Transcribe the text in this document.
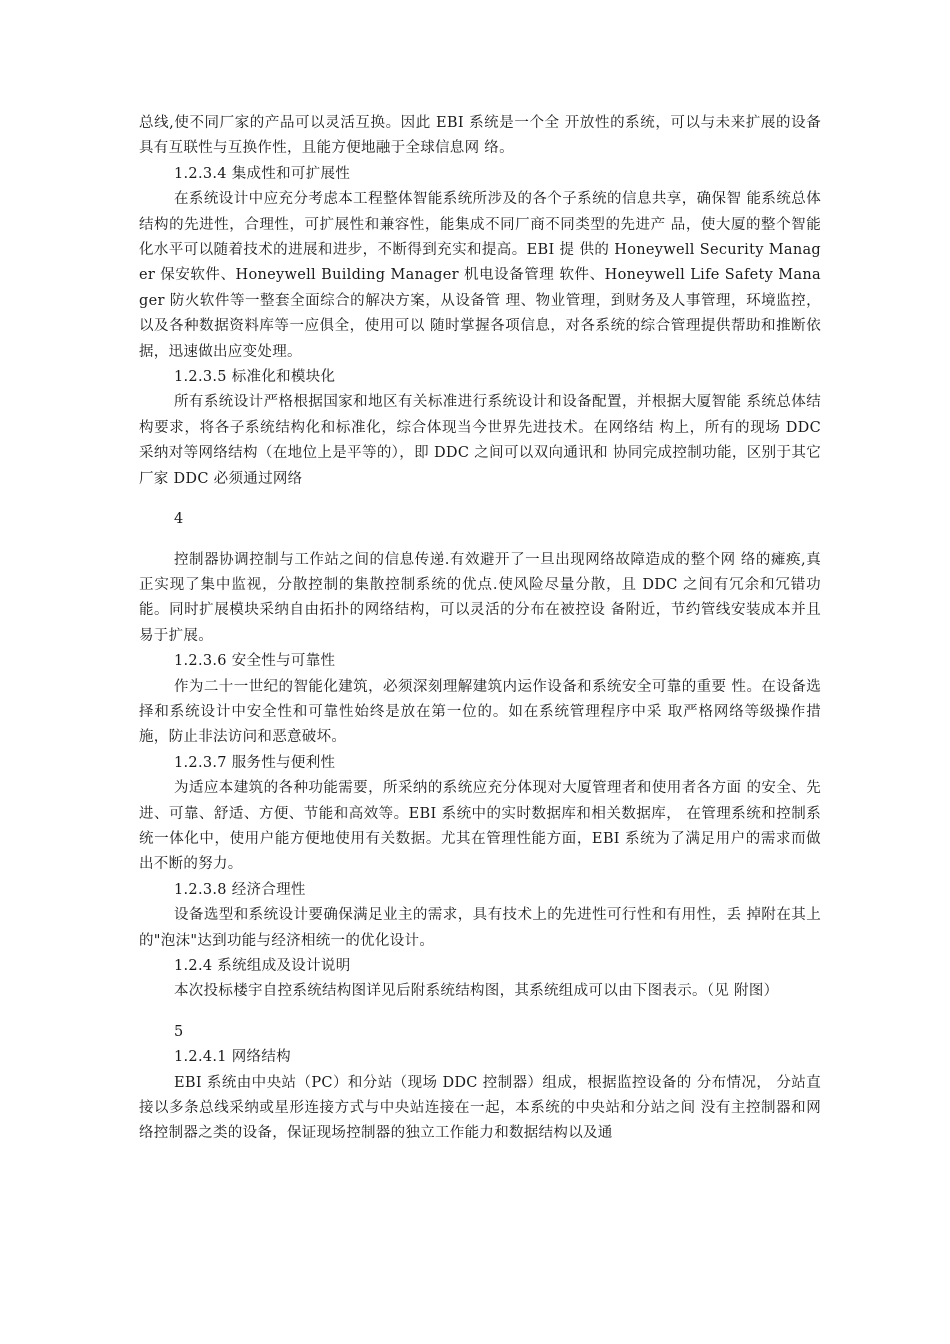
总线,使不同厂家的产品可以灵活互换。因此 EBI 系统是一个全 开放性的系统，可以与未来扩展的设备具有互联性与互换作性，且能方便地融于全球信息网 络。

1.2.3.4 集成性和可扩展性

在系统设计中应充分考虑本工程整体智能系统所涉及的各个子系统的信息共享，确保智 能系统总体结构的先进性，合理性，可扩展性和兼容性，能集成不同厂商不同类型的先进产 品，使大厦的整个智能化水平可以随着技术的进展和进步，不断得到充实和提高。EBI 提 供的 Honeywell Security Manager 保安软件、Honeywell Building Manager 机电设备管理 软件、Honeywell Life Safety Manager 防火软件等一整套全面综合的解决方案，从设备管 理、物业管理，到财务及人事管理，环境监控，以及各种数据资料库等一应俱全，使用可以 随时掌握各项信息，对各系统的综合管理提供帮助和推断依据，迅速做出应变处理。

1.2.3.5 标准化和模块化

所有系统设计严格根据国家和地区有关标准进行系统设计和设备配置，并根据大厦智能 系统总体结构要求，将各子系统结构化和标准化，综合体现当今世界先进技术。在网络结 构上，所有的现场 DDC 采纳对等网络结构（在地位上是平等的），即 DDC 之间可以双向通讯和 协同完成控制功能，区别于其它厂家 DDC 必须通过网络

4

控制器协调控制与工作站之间的信息传递.有效避开了一旦出现网络故障造成的整个网 络的瘫痪,真正实现了集中监视，分散控制的集散控制系统的优点.使风险尽量分散，且 DDC 之间有冗余和冗错功能。同时扩展模块采纳自由拓扑的网络结构，可以灵活的分布在被控设 备附近，节约管线安装成本并且易于扩展。

1.2.3.6 安全性与可靠性

作为二十一世纪的智能化建筑，必须深刻理解建筑内运作设备和系统安全可靠的重要 性。在设备选择和系统设计中安全性和可靠性始终是放在第一位的。如在系统管理程序中采 取严格网络等级操作措施，防止非法访问和恶意破坏。

1.2.3.7 服务性与便利性

为适应本建筑的各种功能需要，所采纳的系统应充分体现对大厦管理者和使用者各方面 的安全、先进、可靠、舒适、方便、节能和高效等。EBI 系统中的实时数据库和相关数据库， 在管理系统和控制系统一体化中，使用户能方便地使用有关数据。尤其在管理性能方面，EBI 系统为了满足用户的需求而做出不断的努力。

1.2.3.8 经济合理性

设备选型和系统设计要确保满足业主的需求，具有技术上的先进性可行性和有用性，丢 掉附在其上的"泡沫"达到功能与经济相统一的优化设计。

1.2.4 系统组成及设计说明

本次投标楼宇自控系统结构图详见后附系统结构图，其系统组成可以由下图表示。（见 附图）

5

1.2.4.1 网络结构

EBI 系统由中央站（PC）和分站（现场 DDC 控制器）组成，根据监控设备的 分布情况， 分站直接以多条总线采纳或星形连接方式与中央站连接在一起，本系统的中央站和分站之间 没有主控制器和网络控制器之类的设备，保证现场控制器的独立工作能力和数据结构以及通
